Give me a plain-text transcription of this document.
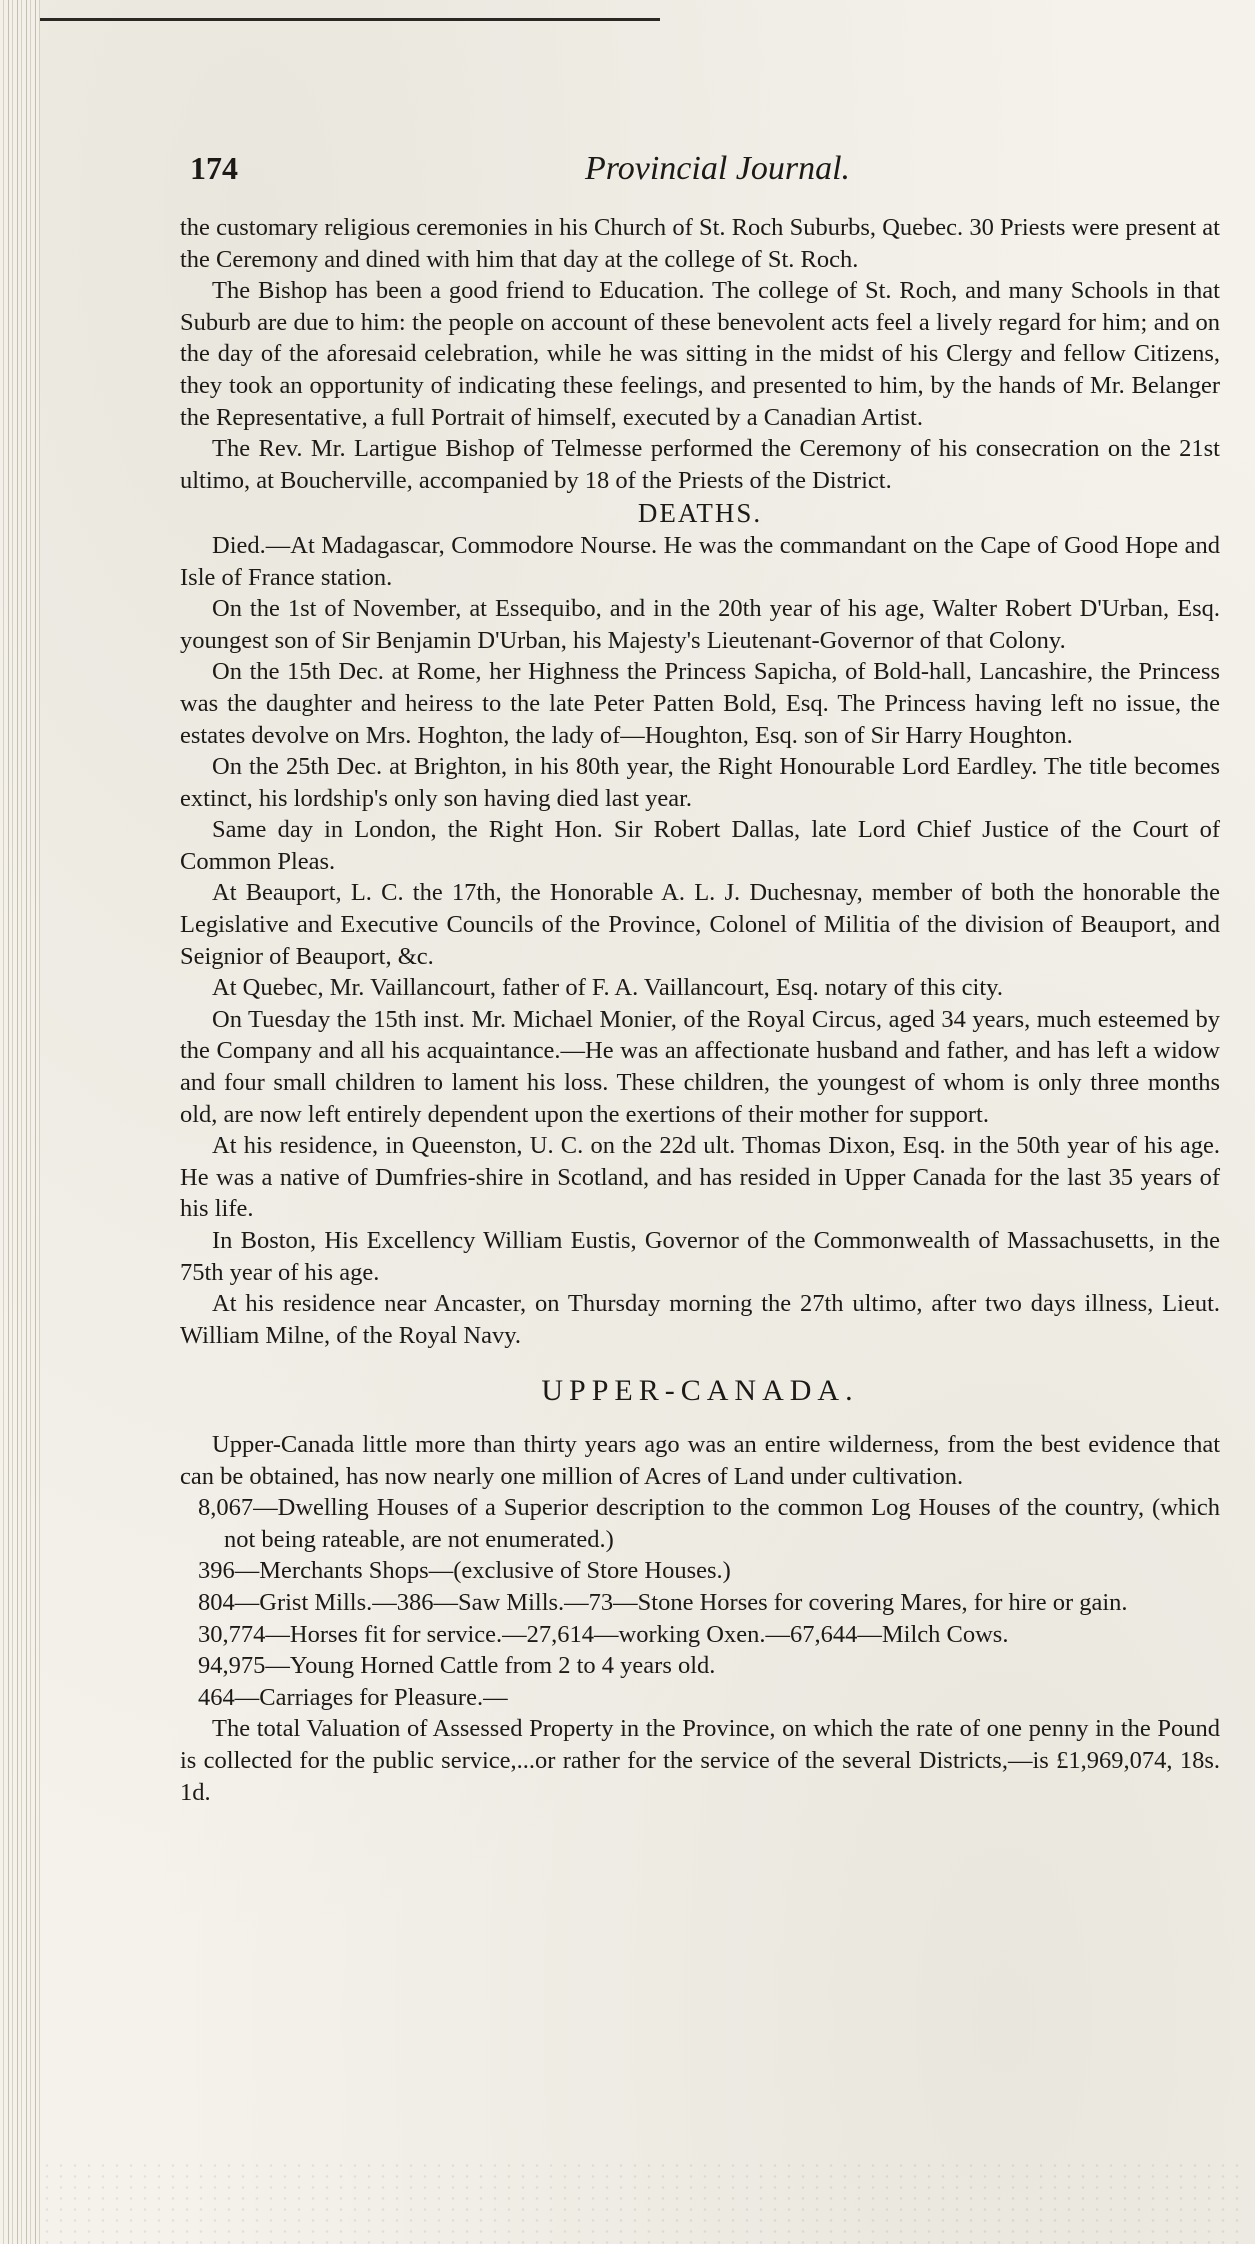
174	Provincial Journal.

the customary religious ceremonies in his Church of St. Roch Suburbs, Quebec. 30 Priests were present at the Ceremony and dined with him that day at the college of St. Roch.

The Bishop has been a good friend to Education. The college of St. Roch, and many Schools in that Suburb are due to him: the people on account of these benevolent acts feel a lively regard for him; and on the day of the aforesaid celebration, while he was sitting in the midst of his Clergy and fellow Citizens, they took an opportunity of indicating these feelings, and presented to him, by the hands of Mr. Belanger the Representative, a full Portrait of himself, executed by a Canadian Artist.

The Rev. Mr. Lartigue Bishop of Telmesse performed the Ceremony of his consecration on the 21st ultimo, at Boucherville, accompanied by 18 of the Priests of the District.

DEATHS.

Died.—At Madagascar, Commodore Nourse. He was the commandant on the Cape of Good Hope and Isle of France station.

On the 1st of November, at Essequibo, and in the 20th year of his age, Walter Robert D'Urban, Esq. youngest son of Sir Benjamin D'Urban, his Majesty's Lieutenant-Governor of that Colony.

On the 15th Dec. at Rome, her Highness the Princess Sapicha, of Bold-hall, Lancashire, the Princess was the daughter and heiress to the late Peter Patten Bold, Esq. The Princess having left no issue, the estates devolve on Mrs. Hoghton, the lady of—Houghton, Esq. son of Sir Harry Houghton.

On the 25th Dec. at Brighton, in his 80th year, the Right Honourable Lord Eardley. The title becomes extinct, his lordship's only son having died last year.

Same day in London, the Right Hon. Sir Robert Dallas, late Lord Chief Justice of the Court of Common Pleas.

At Beauport, L. C. the 17th, the Honorable A. L. J. Duchesnay, member of both the honorable the Legislative and Executive Councils of the Province, Colonel of Militia of the division of Beauport, and Seignior of Beauport, &c.

At Quebec, Mr. Vaillancourt, father of F. A. Vaillancourt, Esq. notary of this city.

On Tuesday the 15th inst. Mr. Michael Monier, of the Royal Circus, aged 34 years, much esteemed by the Company and all his acquaintance.—He was an affectionate husband and father, and has left a widow and four small children to lament his loss. These children, the youngest of whom is only three months old, are now left entirely dependent upon the exertions of their mother for support.

At his residence, in Queenston, U. C. on the 22d ult. Thomas Dixon, Esq. in the 50th year of his age. He was a native of Dumfries-shire in Scotland, and has resided in Upper Canada for the last 35 years of his life.

In Boston, His Excellency William Eustis, Governor of the Commonwealth of Massachusetts, in the 75th year of his age.

At his residence near Ancaster, on Thursday morning the 27th ultimo, after two days illness, Lieut. William Milne, of the Royal Navy.

UPPER-CANADA.

Upper-Canada little more than thirty years ago was an entire wilderness, from the best evidence that can be obtained, has now nearly one million of Acres of Land under cultivation.

8,067—Dwelling Houses of a Superior description to the common Log Houses of the country, (which not being rateable, are not enumerated.)
396—Merchants Shops—(exclusive of Store Houses.)
804—Grist Mills.—386—Saw Mills.—73—Stone Horses for covering Mares, for hire or gain.
30,774—Horses fit for service.—27,614—working Oxen.—67,644—Milch Cows.
94,975—Young Horned Cattle from 2 to 4 years old.
464—Carriages for Pleasure.—

The total Valuation of Assessed Property in the Province, on which the rate of one penny in the Pound is collected for the public service,...or rather for the service of the several Districts,—is £1,969,074, 18s. 1d.
